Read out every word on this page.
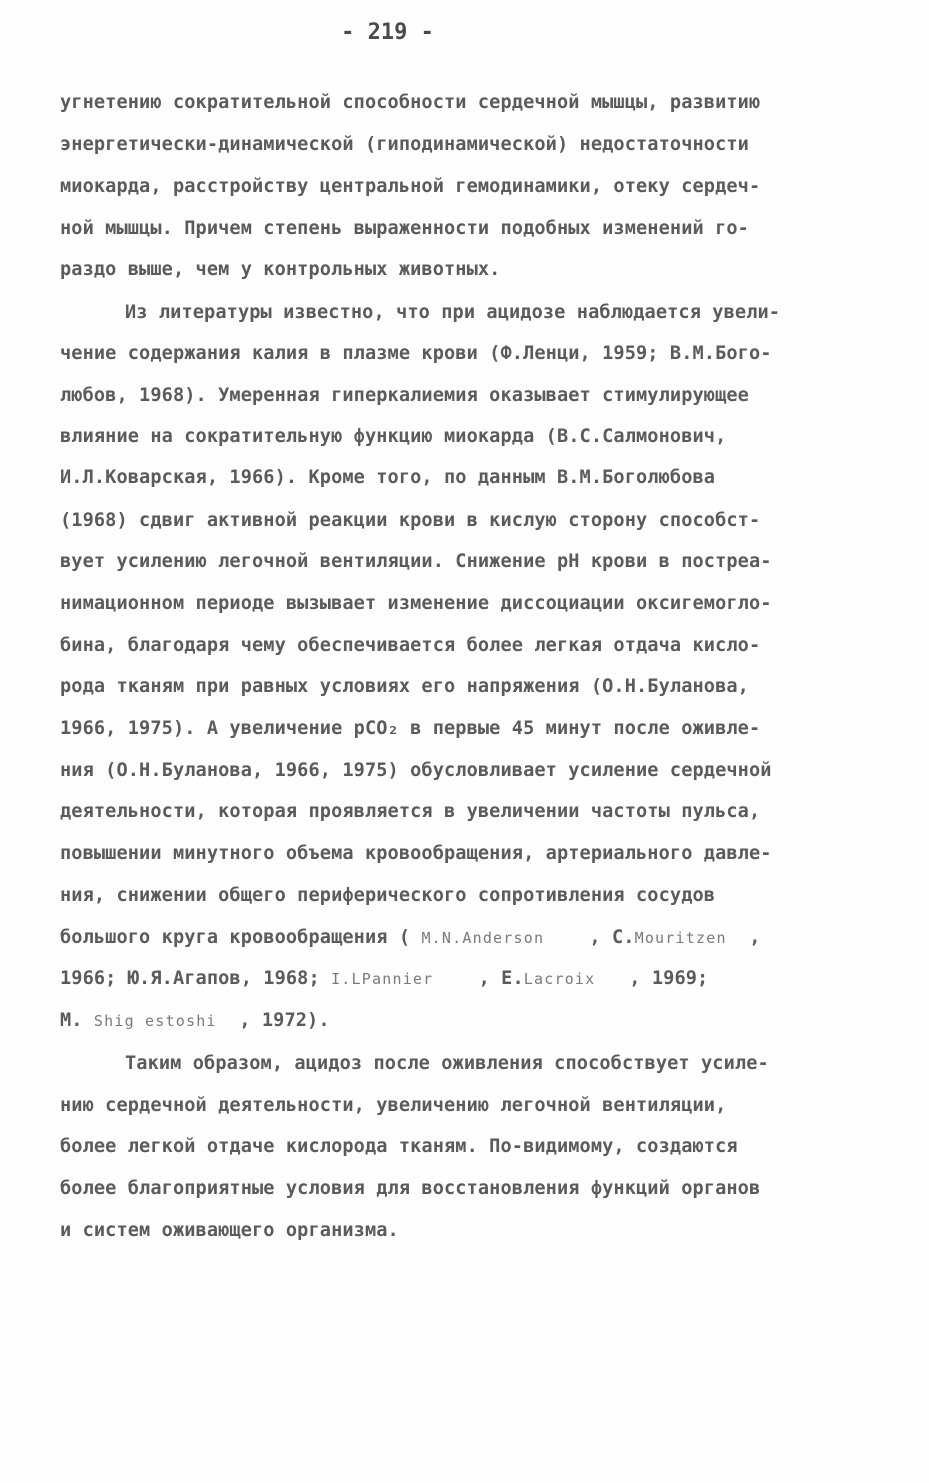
- 219 -
угнетению сократительной способности сердечной мышцы, развитию
энергетически-динамической (гиподинамической) недостаточности
миокарда, расстройству центральной гемодинамики, отеку сердеч-
ной мышцы. Причем степень выраженности подобных изменений го-
раздо выше, чем у контрольных животных.
Из литературы известно, что при ацидозе наблюдается увели-
чение содержания калия в плазме крови (Ф.Ленци, 1959; В.М.Бого-
любов, 1968). Умеренная гиперкалиемия оказывает стимулирующее
влияние на сократительную функцию миокарда (В.С.Салмонович,
И.Л.Коварская, 1966). Кроме того, по данным В.М.Боголюбова
(1968) сдвиг активной реакции крови в кислую сторону способст-
вует усилению легочной вентиляции. Снижение рН крови в постреа-
нимационном периоде вызывает изменение диссоциации оксигемогло-
бина, благодаря чему обеспечивается более легкая отдача кисло-
рода тканям при равных условиях его напряжения (О.Н.Буланова,
1966, 1975). А увеличение рСО₂ в первые 45 минут после оживле-
ния (О.Н.Буланова, 1966, 1975) обусловливает усиление сердечной
деятельности, которая проявляется в увеличении частоты пульса,
повышении минутного объема кровообращения, артериального давле-
ния, снижении общего периферического сопротивления сосудов
большого круга кровообращения ( M.N.Anderson , С.Mouritzen ,
1966; Ю.Я.Агапов, 1968; I.LPannier , E.Lacroix , 1969;
M. Shig estoshi , 1972).
Таким образом, ацидоз после оживления способствует усиле-
нию сердечной деятельности, увеличению легочной вентиляции,
более легкой отдаче кислорода тканям. По-видимому, создаются
более благоприятные условия для восстановления функций органов
и систем оживающего организма.
